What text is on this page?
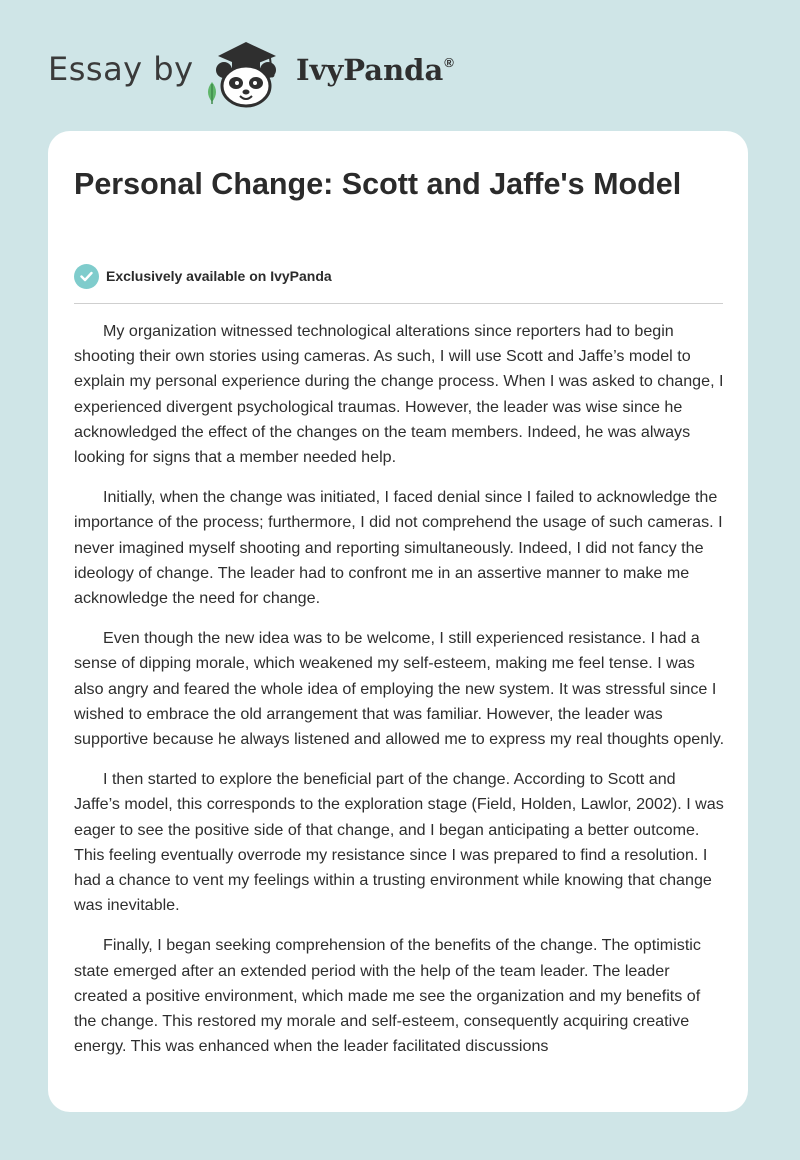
Essay by	IvyPanda®
Personal Change: Scott and Jaffe's Model
Exclusively available on IvyPanda

My organization witnessed technological alterations since reporters had to begin shooting their own stories using cameras. As such, I will use Scott and Jaffe’s model to explain my personal experience during the change process. When I was asked to change, I experienced divergent psychological traumas. However, the leader was wise since he acknowledged the effect of the changes on the team members. Indeed, he was always looking for signs that a member needed help.

Initially, when the change was initiated, I faced denial since I failed to acknowledge the importance of the process; furthermore, I did not comprehend the usage of such cameras. I never imagined myself shooting and reporting simultaneously. Indeed, I did not fancy the ideology of change. The leader had to confront me in an assertive manner to make me acknowledge the need for change.

Even though the new idea was to be welcome, I still experienced resistance. I had a sense of dipping morale, which weakened my self-esteem, making me feel tense. I was also angry and feared the whole idea of employing the new system. It was stressful since I wished to embrace the old arrangement that was familiar. However, the leader was supportive because he always listened and allowed me to express my real thoughts openly.

I then started to explore the beneficial part of the change. According to Scott and Jaffe’s model, this corresponds to the exploration stage (Field, Holden, Lawlor, 2002). I was eager to see the positive side of that change, and I began anticipating a better outcome. This feeling eventually overrode my resistance since I was prepared to find a resolution. I had a chance to vent my feelings within a trusting environment while knowing that change was inevitable.

Finally, I began seeking comprehension of the benefits of the change. The optimistic state emerged after an extended period with the help of the team leader. The leader created a positive environment, which made me see the organization and my benefits of the change. This restored my morale and self-esteem, consequently acquiring creative energy. This was enhanced when the leader facilitated discussions
